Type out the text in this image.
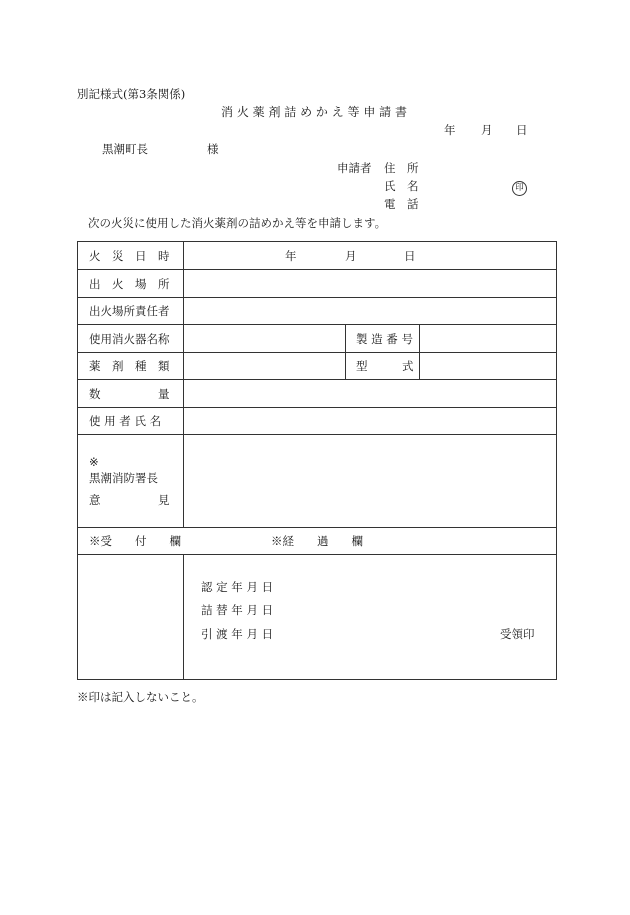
別記様式(第3条関係)
消 火 薬 剤 詰 め か え 等 申 請 書
年 月 日
黒潮町長	様
申請者 住　所
氏　名	印
電　話
次の火災に使用した消火薬剤の詰めかえ等を申請します。
火　災　日　時	年	月	日
出　火　場　所
出火場所責任者
使用消火器名称	製 造 番 号
薬　剤　種　類	型　　　式
数　　　　　量
使 用 者 氏 名
※
黒潮消防署長
意　　　　　見
※受　　付　　欄	※経　　過　　欄
認 定 年 月 日
詰 替 年 月 日
引 渡 年 月 日	受領印
※印は記入しないこと。
